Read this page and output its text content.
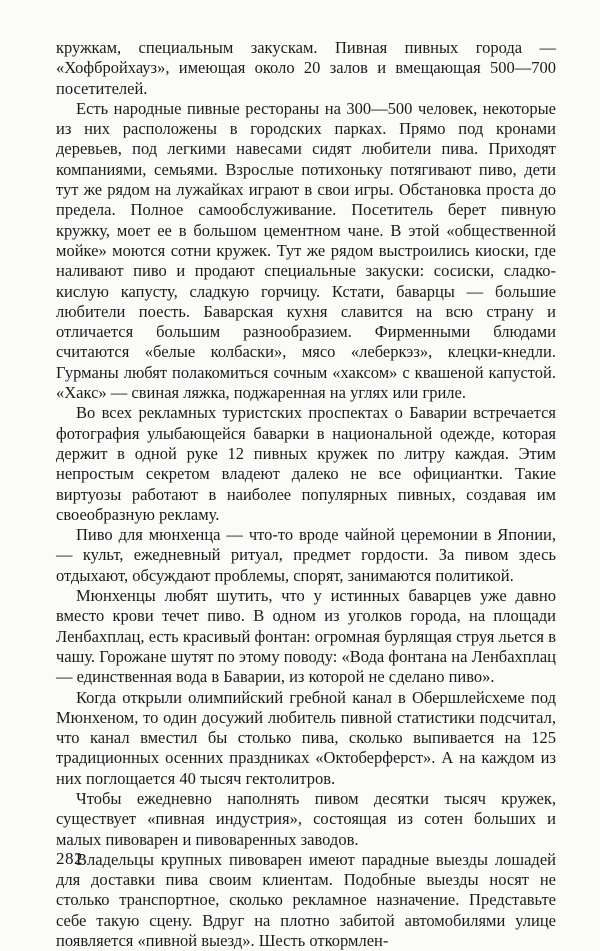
кружкам, специальным закускам. Пивная пивных города — «Хофбройхауз», имеющая около 20 залов и вмещающая 500—700 посетителей.

Есть народные пивные рестораны на 300—500 человек, некоторые из них расположены в городских парках. Прямо под кронами деревьев, под легкими навесами сидят любители пива. Приходят компаниями, семьями. Взрослые потихоньку потягивают пиво, дети тут же рядом на лужайках играют в свои игры. Обстановка проста до предела. Полное самообслуживание. Посетитель берет пивную кружку, моет ее в большом цементном чане. В этой «общественной мойке» моются сотни кружек. Тут же рядом выстроились киоски, где наливают пиво и продают специальные закуски: сосиски, сладко-кислую капусту, сладкую горчицу. Кстати, баварцы — большие любители поесть. Баварская кухня славится на всю страну и отличается большим разнообразием. Фирменными блюдами считаются «белые колбаски», мясо «леберкэз», клецки-кнедли. Гурманы любят полакомиться сочным «хаксом» с квашеной капустой. «Хакс» — свиная ляжка, поджаренная на углях или гриле.

Во всех рекламных туристских проспектах о Баварии встречается фотография улыбающейся баварки в национальной одежде, которая держит в одной руке 12 пивных кружек по литру каждая. Этим непростым секретом владеют далеко не все официантки. Такие виртуозы работают в наиболее популярных пивных, создавая им своеобразную рекламу.

Пиво для мюнхенца — что-то вроде чайной церемонии в Японии, — культ, ежедневный ритуал, предмет гордости. За пивом здесь отдыхают, обсуждают проблемы, спорят, занимаются политикой.

Мюнхенцы любят шутить, что у истинных баварцев уже давно вместо крови течет пиво. В одном из уголков города, на площади Ленбахплац, есть красивый фонтан: огромная бурлящая струя льется в чашу. Горожане шутят по этому поводу: «Вода фонтана на Ленбахплац — единственная вода в Баварии, из которой не сделано пиво».

Когда открыли олимпийский гребной канал в Обершлейсхеме под Мюнхеном, то один досужий любитель пивной статистики подсчитал, что канал вместил бы столько пива, сколько выпивается на 125 традиционных осенних праздниках «Октоберферст». А на каждом из них поглощается 40 тысяч гектолитров.

Чтобы ежедневно наполнять пивом десятки тысяч кружек, существует «пивная индустрия», состоящая из сотен больших и малых пивоварен и пивоваренных заводов.

Владельцы крупных пивоварен имеют парадные выезды лошадей для доставки пива своим клиентам. Подобные выезды носят не столько транспортное, сколько рекламное назначение. Представьте себе такую сцену. Вдруг на плотно забитой автомобилями улице появляется «пивной выезд». Шесть откормлен-

282
